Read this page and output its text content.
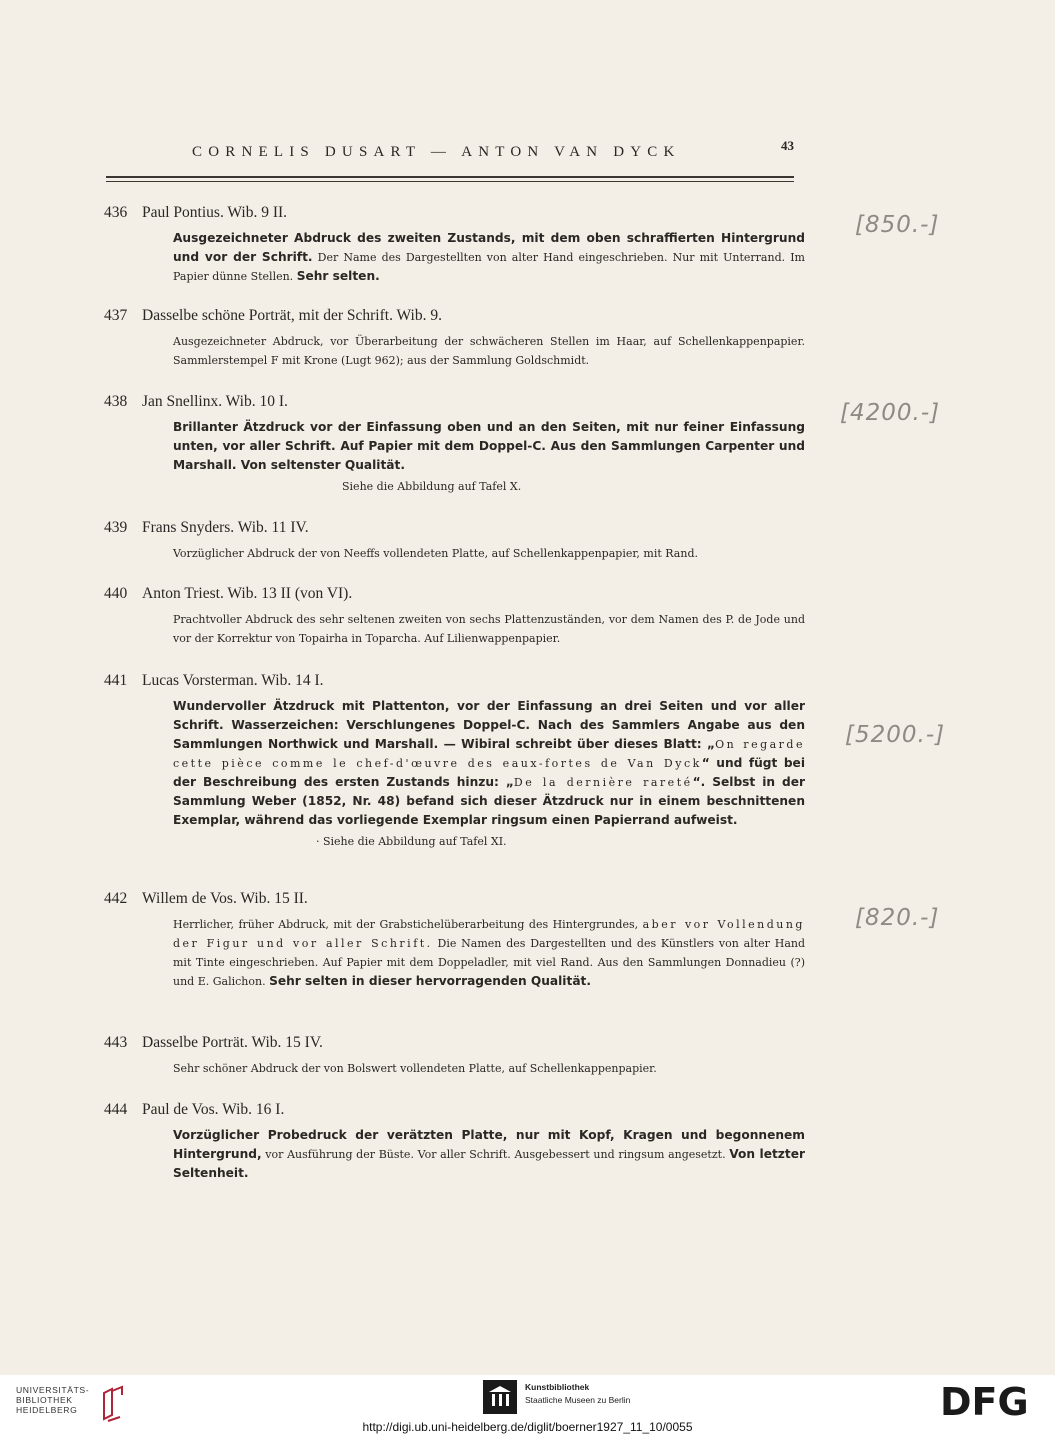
CORNELIS DUSART — ANTON VAN DYCK	43
436 Paul Pontius. Wib. 9 II.
Ausgezeichneter Abdruck des zweiten Zustands, mit dem oben schraffierten Hintergrund und vor der Schrift. Der Name des Dargestellten von alter Hand eingeschrieben. Nur mit Unterrand. Im Papier dünne Stellen. Sehr selten.
437 Dasselbe schöne Porträt, mit der Schrift. Wib. 9.
Ausgezeichneter Abdruck, vor Überarbeitung der schwächeren Stellen im Haar, auf Schellenkappenpapier. Sammlerstempel F mit Krone (Lugt 962); aus der Sammlung Goldschmidt.
438 Jan Snellinx. Wib. 10 I.
Brillanter Ätzdruck vor der Einfassung oben und an den Seiten, mit nur feiner Einfassung unten, vor aller Schrift. Auf Papier mit dem Doppel-C. Aus den Sammlungen Carpenter und Marshall. Von seltenster Qualität.
Siehe die Abbildung auf Tafel X.
439 Frans Snyders. Wib. 11 IV.
Vorzüglicher Abdruck der von Neeffs vollendeten Platte, auf Schellenkappenpapier, mit Rand.
440 Anton Triest. Wib. 13 II (von VI).
Prachtvoller Abdruck des sehr seltenen zweiten von sechs Plattenzuständen, vor dem Namen des P. de Jode und vor der Korrektur von Topairha in Toparcha. Auf Lilienwappenpapier.
441 Lucas Vorsterman. Wib. 14 I.
Wundervoller Ätzdruck mit Plattenton, vor der Einfassung an drei Seiten und vor aller Schrift. Wasserzeichen: Verschlungenes Doppel-C. Nach des Sammlers Angabe aus den Sammlungen Northwick und Marshall. — Wibiral schreibt über dieses Blatt: „On regarde cette pièce comme le chef-d'œuvre des eaux-fortes de Van Dyck“ und fügt bei der Beschreibung des ersten Zustands hinzu: „De la dernière rareté“. Selbst in der Sammlung Weber (1852, Nr. 48) befand sich dieser Ätzdruck nur in einem beschnittenen Exemplar, während das vorliegende Exemplar ringsum einen Papierrand aufweist.
· Siehe die Abbildung auf Tafel XI.
442 Willem de Vos. Wib. 15 II.
Herrlicher, früher Abdruck, mit der Grabstichelüberarbeitung des Hintergrundes, aber vor Vollendung der Figur und vor aller Schrift. Die Namen des Dargestellten und des Künstlers von alter Hand mit Tinte eingeschrieben. Auf Papier mit dem Doppeladler, mit viel Rand. Aus den Sammlungen Donnadieu (?) und E. Galichon. Sehr selten in dieser hervorragenden Qualität.
443 Dasselbe Porträt. Wib. 15 IV.
Sehr schöner Abdruck der von Bolswert vollendeten Platte, auf Schellenkappenpapier.
444 Paul de Vos. Wib. 16 I.
Vorzüglicher Probedruck der verätzten Platte, nur mit Kopf, Kragen und begonnenem Hintergrund, vor Ausführung der Büste. Vor aller Schrift. Ausgebessert und ringsum angesetzt. Von letzter Seltenheit.
[850.-]
[4200.-]
[5200.-]
[820.-]
UNIVERSITÄTS-
BIBLIOTHEK
HEIDELBERG
Kunstbibliothek
Staatliche Museen zu Berlin	DFG
http://digi.ub.uni-heidelberg.de/diglit/boerner1927_11_10/0055
